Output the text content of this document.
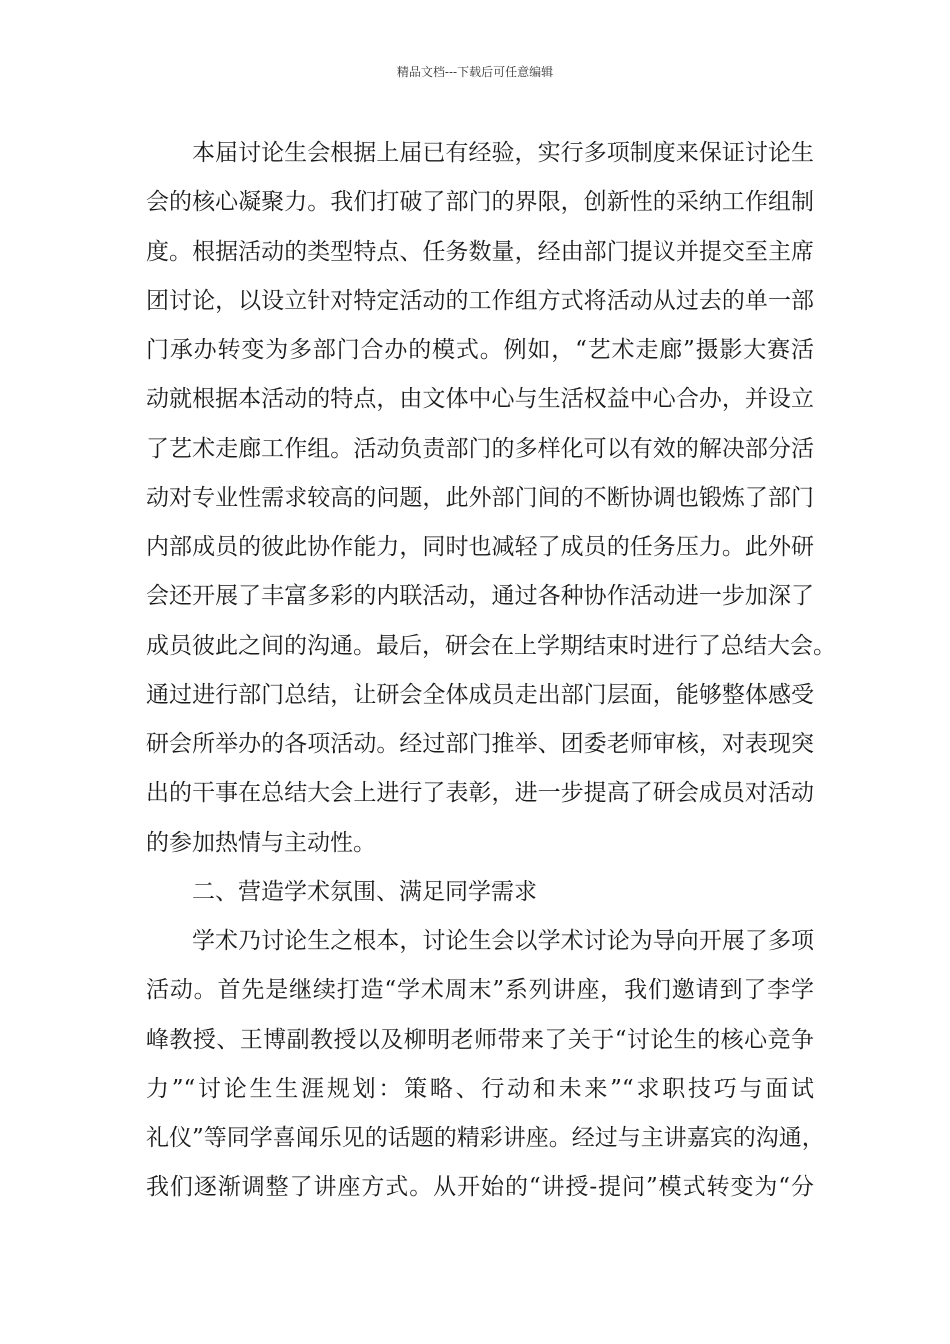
精品文档---下载后可任意编辑
本届讨论生会根据上届已有经验，实行多项制度来保证讨论生
会的核心凝聚力。我们打破了部门的界限，创新性的采纳工作组制
度。根据活动的类型特点、任务数量，经由部门提议并提交至主席
团讨论，以设立针对特定活动的工作组方式将活动从过去的单一部
门承办转变为多部门合办的模式。例如，“艺术走廊”摄影大赛活
动就根据本活动的特点，由文体中心与生活权益中心合办，并设立
了艺术走廊工作组。活动负责部门的多样化可以有效的解决部分活
动对专业性需求较高的问题，此外部门间的不断协调也锻炼了部门
内部成员的彼此协作能力，同时也减轻了成员的任务压力。此外研
会还开展了丰富多彩的内联活动，通过各种协作活动进一步加深了
成员彼此之间的沟通。最后，研会在上学期结束时进行了总结大会。
通过进行部门总结，让研会全体成员走出部门层面，能够整体感受
研会所举办的各项活动。经过部门推举、团委老师审核，对表现突
出的干事在总结大会上进行了表彰，进一步提高了研会成员对活动
的参加热情与主动性。
二、营造学术氛围、满足同学需求
学术乃讨论生之根本，讨论生会以学术讨论为导向开展了多项
活动。首先是继续打造“学术周末”系列讲座，我们邀请到了李学
峰教授、王博副教授以及柳明老师带来了关于“讨论生的核心竞争
力”“讨论生生涯规划：策略、行动和未来”“求职技巧与面试
礼仪”等同学喜闻乐见的话题的精彩讲座。经过与主讲嘉宾的沟通，
我们逐渐调整了讲座方式。从开始的“讲授-提问”模式转变为“分
